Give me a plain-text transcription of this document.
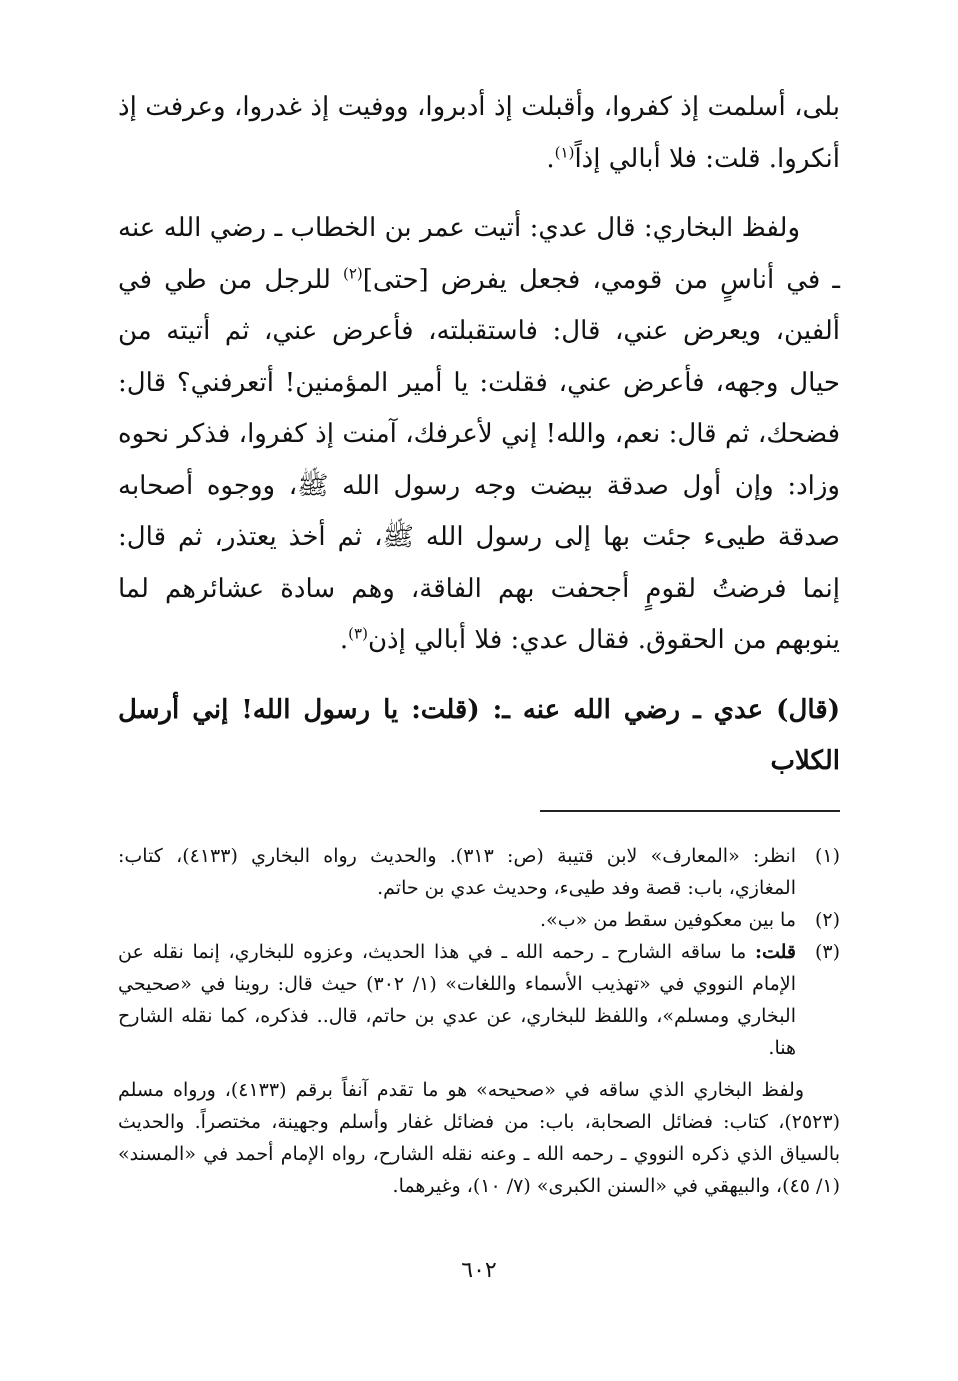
بلى، أسلمت إذ كفروا، وأقبلت إذ أدبروا، ووفيت إذ غدروا، وعرفت إذ أنكروا. قلت: فلا أبالي إذاً$^{(١)}$.

ولفظ البخاري: قال عدي: أتيت عمر بن الخطاب ـ رضي الله عنه ـ في أناسٍ من قومي، فجعل يفرض [حتى]$^{(٢)}$ للرجل من طي في ألفين، ويعرض عني، قال: فاستقبلته، فأعرض عني، ثم أتيته من حيال وجهه، فأعرض عني، فقلت: يا أمير المؤمنين! أتعرفني؟ قال: فضحك، ثم قال: نعم، والله! إني لأعرفك، آمنت إذ كفروا، فذكر نحوه وزاد: وإن أول صدقة بيضت وجه رسول الله ﷺ، ووجوه أصحابه صدقة طيىء جئت بها إلى رسول الله ﷺ، ثم أخذ يعتذر، ثم قال: إنما فرضتُ لقومٍ أجحفت بهم الفاقة، وهم سادة عشائرهم لما ينوبهم من الحقوق. فقال عدي: فلا أبالي إذن$^{(٣)}$.

(قال) عدي ـ رضي الله عنه ـ: (قلت: يا رسول الله! إني أرسل الكلاب

(١)
انظر: «المعارف» لابن قتيبة (ص: ٣١٣). والحديث رواه البخاري (٤١٣٣)، كتاب: المغازي، باب: قصة وفد طيىء، وحديث عدي بن حاتم.
(٢)
ما بين معكوفين سقط من «ب».
(٣)
قلت: ما ساقه الشارح ـ رحمه الله ـ في هذا الحديث، وعزوه للبخاري، إنما نقله عن الإمام النووي في «تهذيب الأسماء واللغات» (١/ ٣٠٢) حيث قال: روينا في «صحيحي البخاري ومسلم»، واللفظ للبخاري، عن عدي بن حاتم، قال.. فذكره، كما نقله الشارح هنا.

ولفظ البخاري الذي ساقه في «صحيحه» هو ما تقدم آنفاً برقم (٤١٣٣)، ورواه مسلم (٢٥٢٣)، كتاب: فضائل الصحابة، باب: من فضائل غفار وأسلم وجهينة، مختصراً. والحديث بالسياق الذي ذكره النووي ـ رحمه الله ـ وعنه نقله الشارح، رواه الإمام أحمد في «المسند» (١/ ٤٥)، والبيهقي في «السنن الكبرى» (٧/ ١٠)، وغيرهما.

٦٠٢
